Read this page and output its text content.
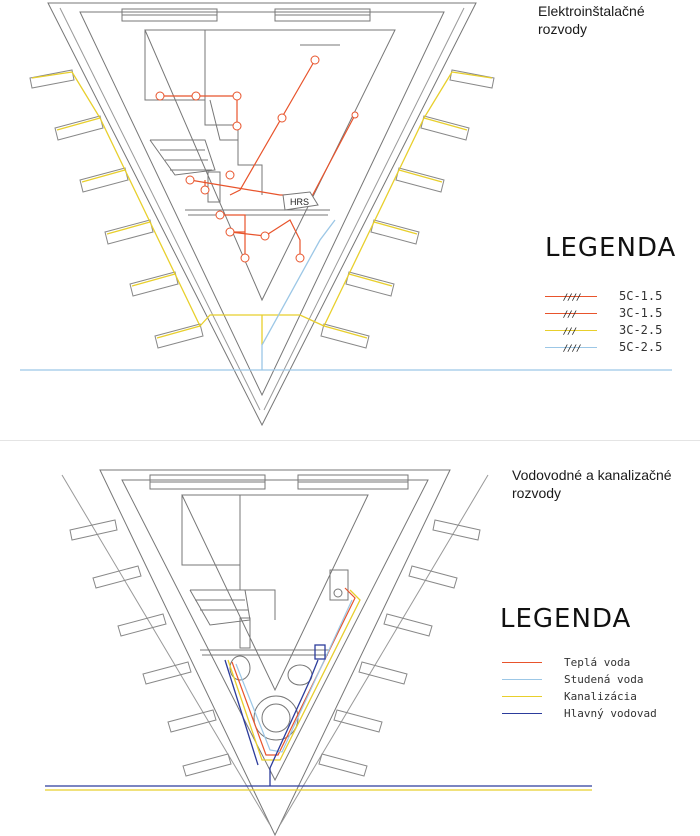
HRS
Elektroinštalačné
rozvody
LEGENDA
////	5C-1.5
///	3C-1.5
///	3C-2.5
////	5C-2.5
Vodovodné a kanalizačné
rozvody
LEGENDA
Teplá voda
Studená voda
Kanalizácia
Hlavný vodovad
